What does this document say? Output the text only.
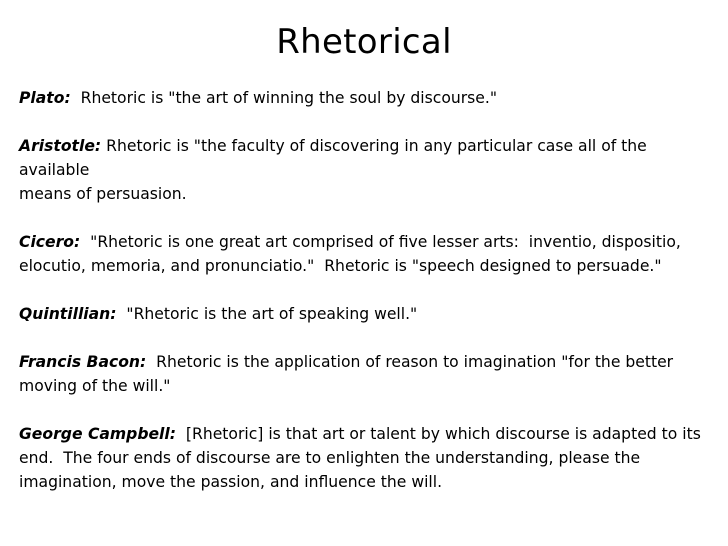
Rhetorical

Plato:  Rhetoric is "the art of winning the soul by discourse."

Aristotle: Rhetoric is "the faculty of discovering in any particular case all of the available
means of persuasion.

Cicero:  "Rhetoric is one great art comprised of five lesser arts:  inventio, dispositio, elocutio, memoria, and pronunciatio."  Rhetoric is "speech designed to persuade."

Quintillian:  "Rhetoric is the art of speaking well."

Francis Bacon:  Rhetoric is the application of reason to imagination "for the better moving of the will."

George Campbell:  [Rhetoric] is that art or talent by which discourse is adapted to its end.  The four ends of discourse are to enlighten the understanding, please the imagination, move the passion, and influence the will.
